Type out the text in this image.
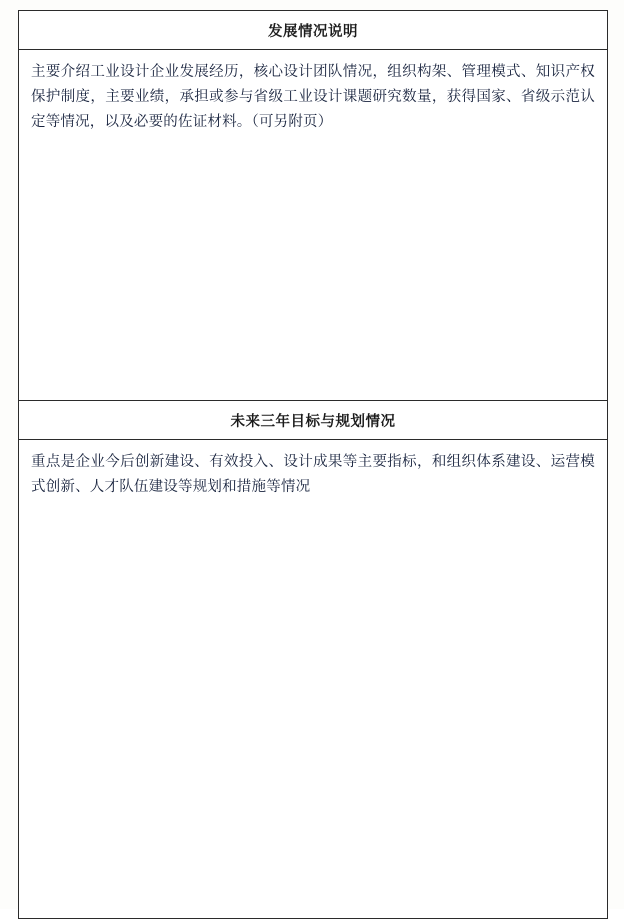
发展情况说明

主要介绍工业设计企业发展经历，核心设计团队情况，组织构架、管理模式、知识产权保护制度，主要业绩，承担或参与省级工业设计课题研究数量，获得国家、省级示范认定等情况，以及必要的佐证材料。（可另附页）

未来三年目标与规划情况

重点是企业今后创新建设、有效投入、设计成果等主要指标，和组织体系建设、运营模式创新、人才队伍建设等规划和措施等情况
